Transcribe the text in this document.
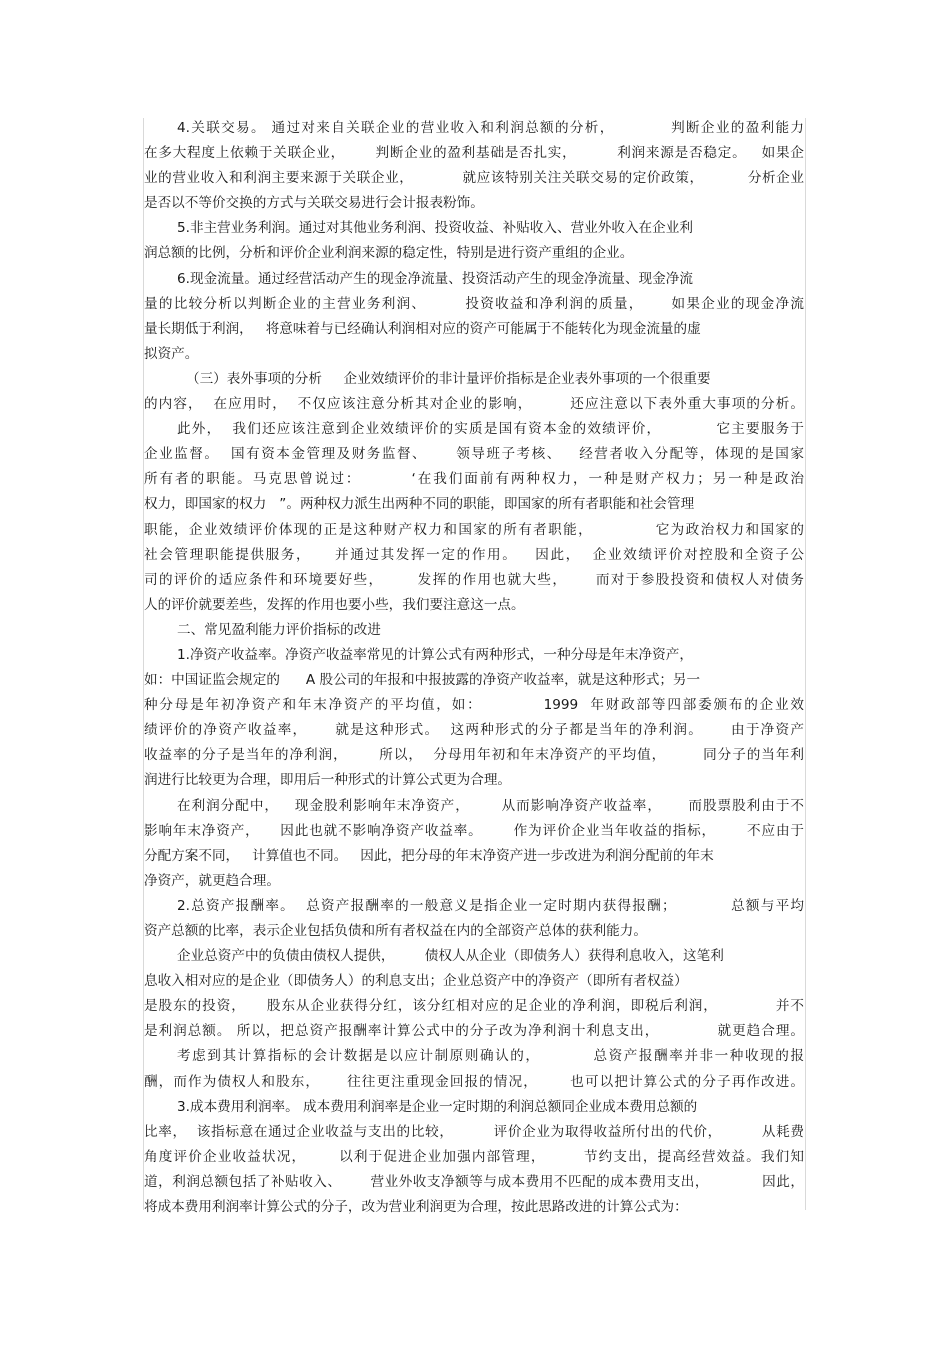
4.关联交易。 通过对来自关联企业的营业收入和利润总额的分析，          判断企业的盈利能力
在多大程度上依赖于关联企业，      判断企业的盈利基础是否扎实，        利润来源是否稳定。   如果企
业的营业收入和利润主要来源于关联企业，          就应该特别关注关联交易的定价政策，         分析企业
是否以不等价交换的方式与关联交易进行会计报表粉饰。
5.非主营业务利润。通过对其他业务利润、投资收益、补贴收入、营业外收入在企业利
润总额的比例，分析和评价企业利润来源的稳定性，特别是进行资产重组的企业。
6.现金流量。通过经营活动产生的现金净流量、投资活动产生的现金净流量、现金净流
量的比较分析以判断企业的主营业务利润、       投资收益和净利润的质量，     如果企业的现金净流
量长期低于利润，   将意味着与已经确认利润相对应的资产可能属于不能转化为现金流量的虚
拟资产。
（三）表外事项的分析     企业效绩评价的非计量评价指标是企业表外事项的一个很重要
的内容，  在应用时，  不仅应该注意分析其对企业的影响，       还应注意以下表外重大事项的分析。
此外，  我们还应该注意到企业效绩评价的实质是国有资本金的效绩评价，          它主要服务于
企业监督。  国有资本金管理及财务监督、     领导班子考核、   经营者收入分配等，体现的是国家
所有者的职能。马克思曾说过：        ‘在我们面前有两种权力，一种是财产权力；另一种是政治
权力，即国家的权力   ”。两种权力派生出两种不同的职能，即国家的所有者职能和社会管理
职能，企业效绩评价体现的正是这种财产权力和国家的所有者职能，           它为政治权力和国家的
社会管理职能提供服务，    并通过其发挥一定的作用。   因此，  企业效绩评价对控股和全资子公
司的评价的适应条件和环境要好些，      发挥的作用也就大些，     而对于参股投资和债权人对债务
人的评价就要差些，发挥的作用也要小些，我们要注意这一点。
二、常见盈利能力评价指标的改进
1.净资产收益率。净资产收益率常见的计算公式有两种形式，一种分母是年末净资产，
如：中国证监会规定的      A 股公司的年报和中报披露的净资产收益率，就是这种形式；另一
种分母是年初净资产和年末净资产的平均值，如：          1999  年财政部等四部委颁布的企业效
绩评价的净资产收益率，     就是这种形式。  这两种形式的分子都是当年的净利润。     由于净资产
收益率的分子是当年的净利润，      所以，  分母用年初和年末净资产的平均值，       同分子的当年利
润进行比较更为合理，即用后一种形式的计算公式更为合理。
在利润分配中，   现金股利影响年末净资产，      从而影响净资产收益率，     而股票股利由于不
影响年末净资产，    因此也就不影响净资产收益率。      作为评价企业当年收益的指标，      不应由于
分配方案不同，   计算值也不同。   因此，把分母的年末净资产进一步改进为利润分配前的年末
净资产，就更趋合理。
2.总资产报酬率。  总资产报酬率的一般意义是指企业一定时期内获得报酬；          总额与平均
资产总额的比率，表示企业包括负债和所有者权益在内的全部资产总体的获利能力。
企业总资产中的负债由债权人提供，       债权人从企业（即债务人）获得利息收入，这笔利
息收入相对应的是企业（即债务人）的利息支出；企业总资产中的净资产（即所有者权益）
是股东的投资，    股东从企业获得分红，该分红相对应的足企业的净利润，即税后利润，           并不
是利润总额。 所以，把总资产报酬率计算公式中的分子改为净利润十利息支出，           就更趋合理。
考虑到其计算指标的会计数据是以应计制原则确认的，         总资产报酬率并非一种收现的报
酬，而作为债权人和股东，     往往更注重现金回报的情况，      也可以把计算公式的分子再作改进。
3.成本费用利润率。 成本费用利润率是企业一定时期的利润总额同企业成本费用总额的
比率，  该指标意在通过企业收益与支出的比较，        评价企业为取得收益所付出的代价，        从耗费
角度评价企业收益状况，      以利于促进企业加强内部管理，       节约支出，提高经营效益。我们知
道，利润总额包括了补贴收入、      营业外收支净额等与成本费用不匹配的成本费用支出，           因此，
将成本费用利润率计算公式的分子，改为营业利润更为合理，按此思路改进的计算公式为：
